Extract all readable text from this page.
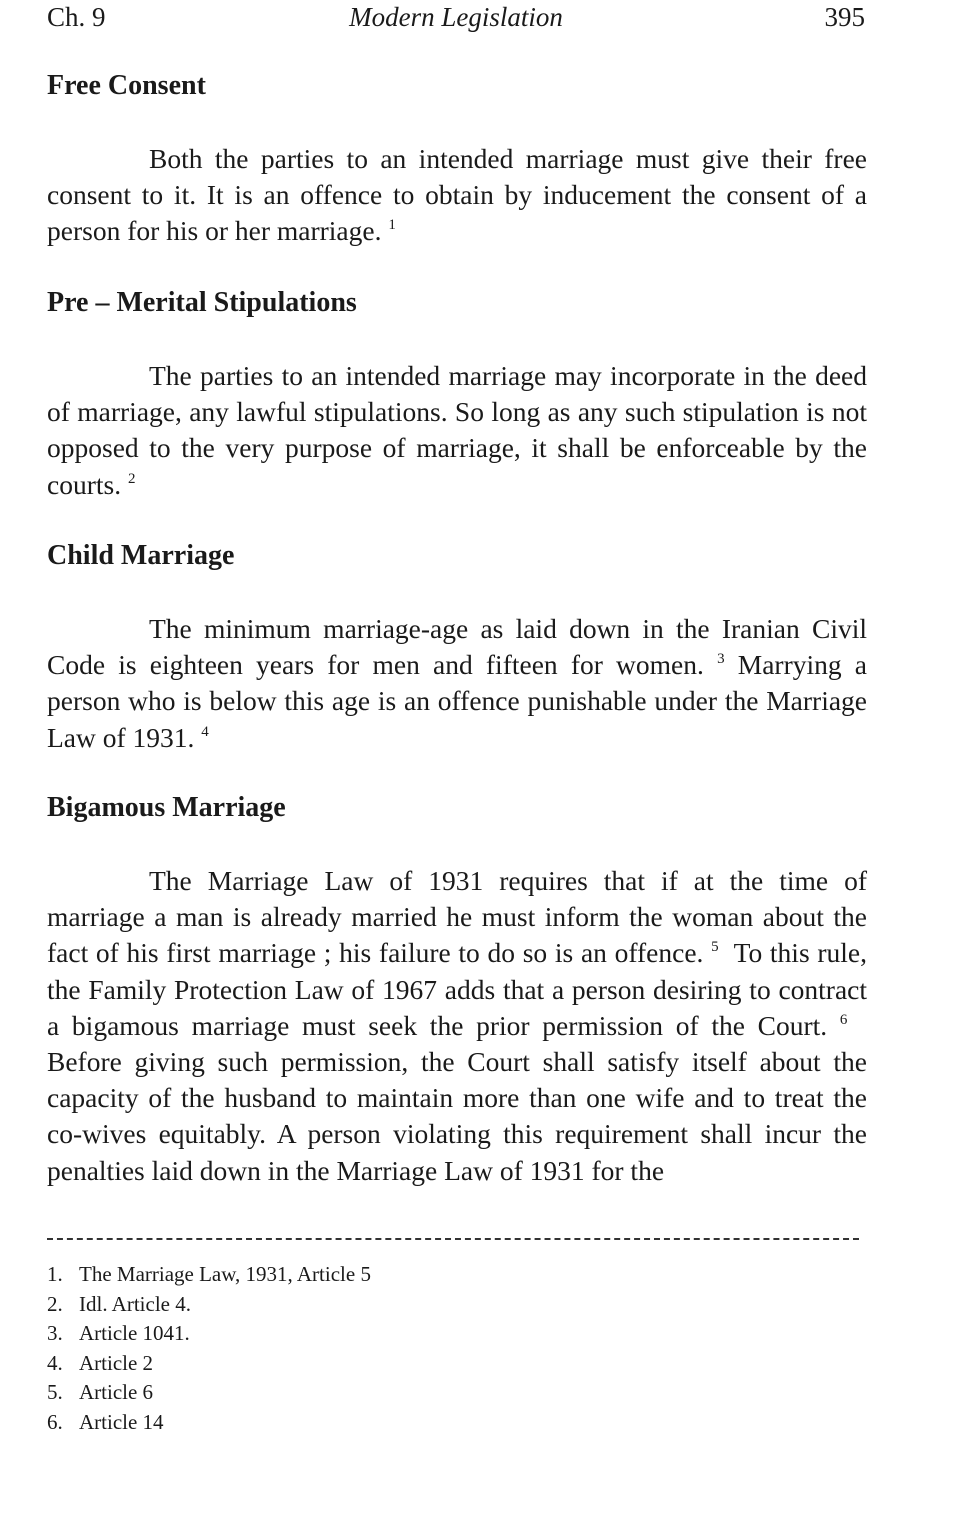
Ch. 9	Modern Legislation	395
Free Consent

Both the parties to an intended marriage must give their free consent to it. It is an offence to obtain by inducement the consent of a person for his or her marriage. $^1$

Pre – Merital Stipulations

The parties to an intended marriage may incorporate in the deed of marriage, any lawful stipulations. So long as any such stipulation is not opposed to the very purpose of marriage, it shall be enforceable by the courts. $^2$

Child Marriage

The minimum marriage-age as laid down in the Iranian Civil Code is eighteen years for men and fifteen for women. $^3$ Marrying a person who is below this age is an offence punishable under the Marriage Law of 1931. $^4$

Bigamous Marriage

The Marriage Law of 1931 requires that if at the time of marriage a man is already married he must inform the woman about the fact of his first marriage ; his failure to do so is an offence. $^5$ To this rule, the Family Protection Law of 1967 adds that a person desiring to contract a bigamous marriage must seek the prior permission of the Court. $^6$   Before giving such permission, the Court shall satisfy itself about the capacity of the husband to maintain more than one wife and to treat the co-wives equitably. A person violating this requirement shall incur the penalties laid down in the Marriage Law of 1931 for the

1. The Marriage Law, 1931, Article 5
2. Idl. Article 4.
3. Article 1041.
4. Article 2
5. Article 6
6. Article 14
